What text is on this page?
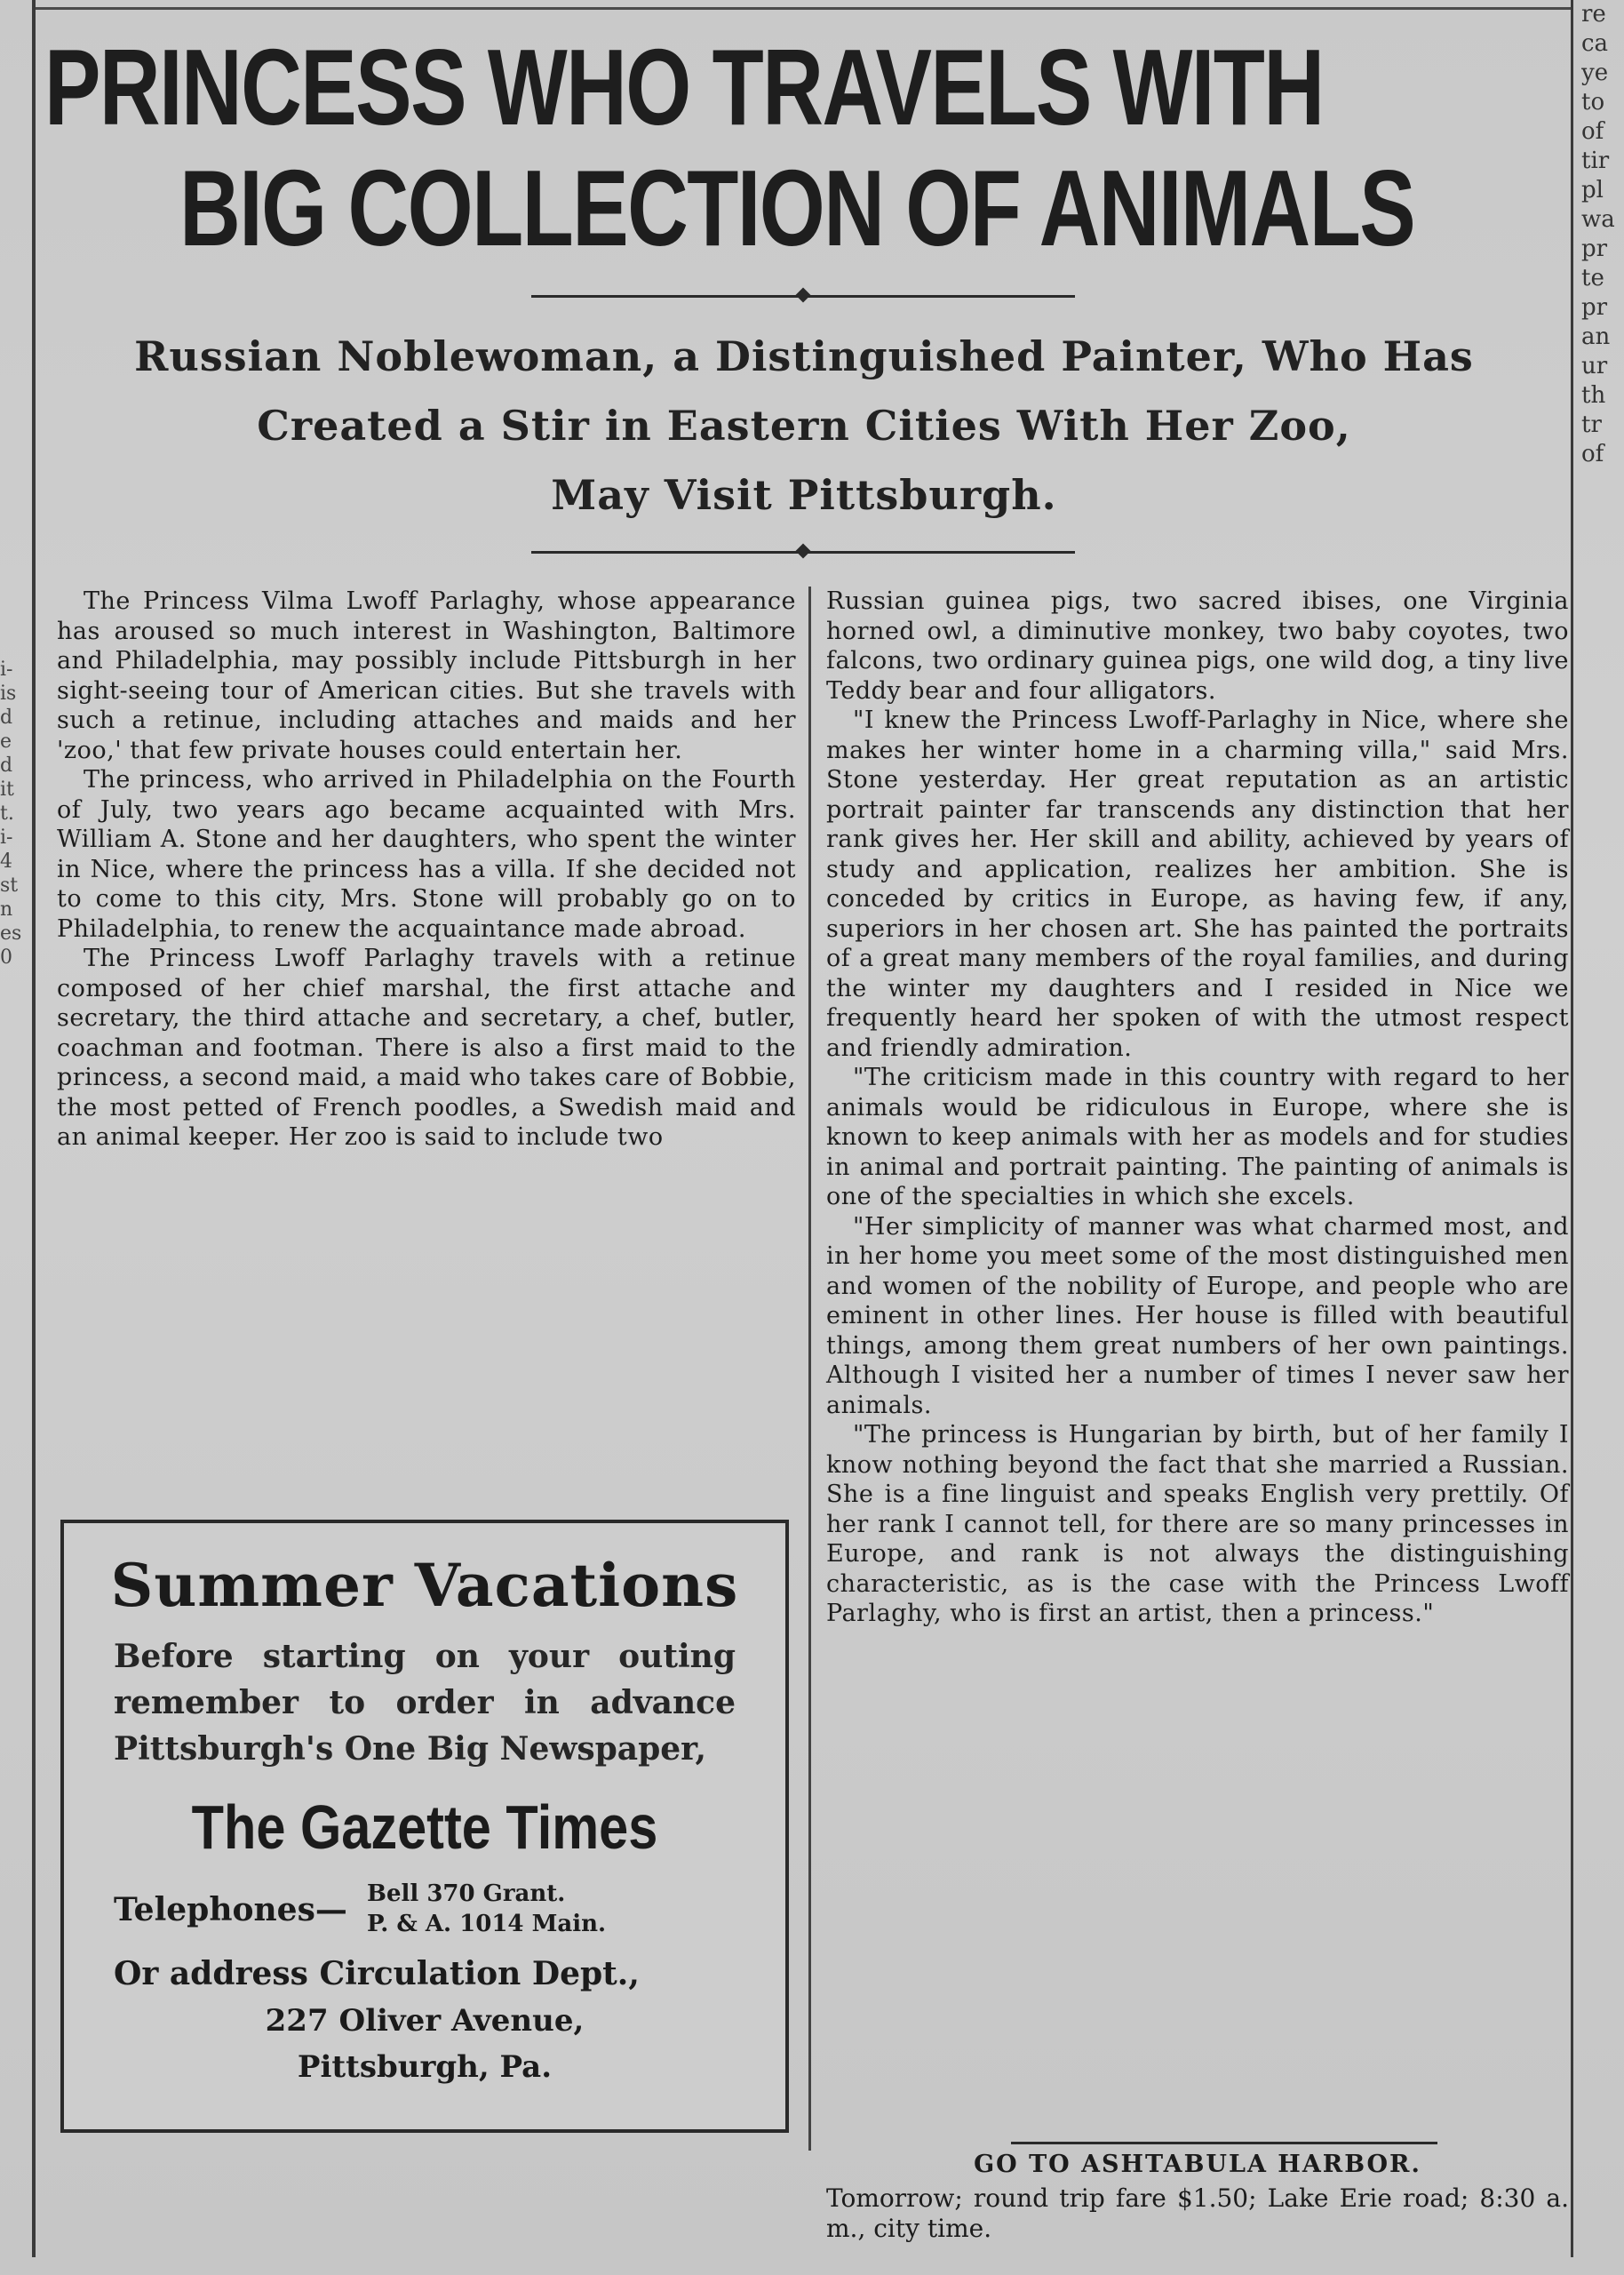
PRINCESS WHO TRAVELS WITH
BIG COLLECTION OF ANIMALS
Russian Noblewoman, a Distinguished Painter, Who Has
Created a Stir in Eastern Cities With Her Zoo,
May Visit Pittsburgh.

The Princess Vilma Lwoff Parlaghy, whose appearance has aroused so much interest in Washington, Baltimore and Philadelphia, may possibly include Pittsburgh in her sight-seeing tour of American cities. But she travels with such a retinue, including attaches and maids and her 'zoo,' that few private houses could entertain her.

The princess, who arrived in Philadelphia on the Fourth of July, two years ago became acquainted with Mrs. William A. Stone and her daughters, who spent the winter in Nice, where the princess has a villa. If she decided not to come to this city, Mrs. Stone will probably go on to Philadelphia, to renew the acquaintance made abroad.

The Princess Lwoff Parlaghy travels with a retinue composed of her chief marshal, the first attache and secretary, the third attache and secretary, a chef, butler, coachman and footman. There is also a first maid to the princess, a second maid, a maid who takes care of Bobbie, the most petted of French poodles, a Swedish maid and an animal keeper. Her zoo is said to include two

Russian guinea pigs, two sacred ibises, one Virginia horned owl, a diminutive monkey, two baby coyotes, two falcons, two ordinary guinea pigs, one wild dog, a tiny live Teddy bear and four alligators.

"I knew the Princess Lwoff-Parlaghy in Nice, where she makes her winter home in a charming villa," said Mrs. Stone yesterday. Her great reputation as an artistic portrait painter far transcends any distinction that her rank gives her. Her skill and ability, achieved by years of study and application, realizes her ambition. She is conceded by critics in Europe, as having few, if any, superiors in her chosen art. She has painted the portraits of a great many members of the royal families, and during the winter my daughters and I resided in Nice we frequently heard her spoken of with the utmost respect and friendly admiration.

"The criticism made in this country with regard to her animals would be ridiculous in Europe, where she is known to keep animals with her as models and for studies in animal and portrait painting. The painting of animals is one of the specialties in which she excels.

"Her simplicity of manner was what charmed most, and in her home you meet some of the most distinguished men and women of the nobility of Europe, and people who are eminent in other lines. Her house is filled with beautiful things, among them great numbers of her own paintings. Although I visited her a number of times I never saw her animals.

"The princess is Hungarian by birth, but of her family I know nothing beyond the fact that she married a Russian. She is a fine linguist and speaks English very prettily. Of her rank I cannot tell, for there are so many princesses in Europe, and rank is not always the distinguishing characteristic, as is the case with the Princess Lwoff Parlaghy, who is first an artist, then a princess."

Summer Vacations
Before starting on your outing remember to order in advance Pittsburgh's One Big Newspaper,
The Gazette Times
Telephones— Bell 370 Grant.
P. & A. 1014 Main.
Or address Circulation Dept.,
227 Oliver Avenue,
Pittsburgh, Pa.
GO TO ASHTABULA HARBOR.
Tomorrow; round trip fare $1.50; Lake Erie road; 8:30 a. m., city time.
re
ca
ye
to
of
tir
pl
wa
pr
te
pr
an
ur
th
tr
of
i-
is
d
e
d
it
t.
i-
4
st
n
es
0
